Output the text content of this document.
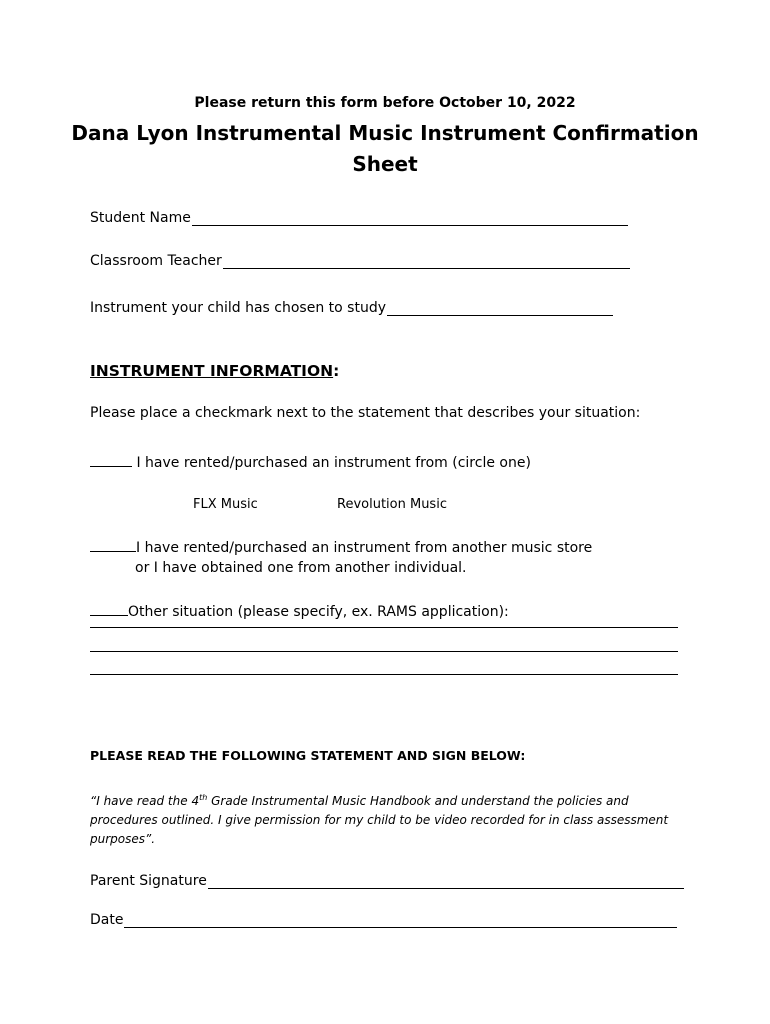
Please return this form before October 10, 2022
Dana Lyon Instrumental Music Instrument Confirmation Sheet
Student Name
Classroom Teacher
Instrument your child has chosen to study
INSTRUMENT INFORMATION:
Please place a checkmark next to the statement that describes your situation:
I have rented/purchased an instrument from (circle one)
FLX Music	Revolution Music
I have rented/purchased an instrument from another music store
or I have obtained one from another individual.
Other situation (please specify, ex. RAMS application):
PLEASE READ THE FOLLOWING STATEMENT AND SIGN BELOW:
“I have read the 4th Grade Instrumental Music Handbook and understand the policies and procedures outlined. I give permission for my child to be video recorded for in class assessment purposes”.
Parent Signature
Date
